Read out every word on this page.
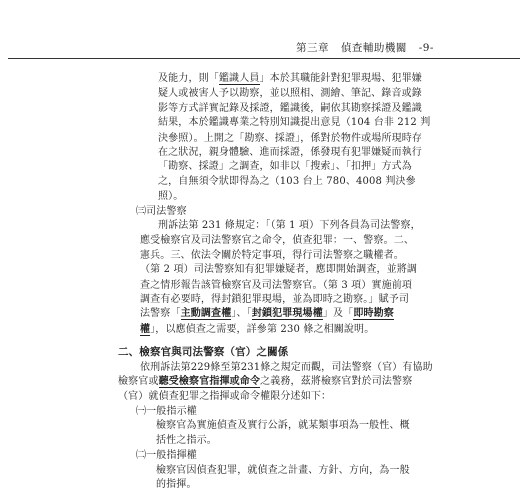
第三章 偵查輔助機關 -9-
及能力，則「鑑識人員」本於其職能針對犯罪現場、犯罪嫌
疑人或被害人予以勘察，並以照相、測繪、筆記、錄音或錄
影等方式詳實記錄及採證，鑑識後，嗣依其勘察採證及鑑識
結果，本於鑑識專業之特別知識提出意見（104 台非 212 判
決參照）。上開之「勘察、採證」，係對於物件或場所現時存
在之狀況，親身體驗、進而採證，係發現有犯罪嫌疑而執行
「勘察、採證」之調查，如非以「搜索」、「扣押」方式為
之，自無須令狀即得為之（103 台上 780、4008 判決參
照）。
㈢司法警察
刑訴法第 231 條規定：「（第 1 項）下列各員為司法警察，
應受檢察官及司法警察官之命令，偵查犯罪：一、警察。二、
憲兵。三、依法令關於特定事項，得行司法警察之職權者。
（第 2 項）司法警察知有犯罪嫌疑者，應即開始調查，並將調
查之情形報告該管檢察官及司法警察官。（第 3 項）實施前項
調查有必要時，得封鎖犯罪現場，並為即時之勘察。」賦予司
法警察「主動調查權」、「封鎖犯罪現場權」及「即時勘察
權」，以應偵查之需要，詳參第 230 條之相關說明。
二、檢察官與司法警察（官）之關係
依刑訴法第229條至第231條之規定而觀，司法警察（官）有協助
檢察官或聽受檢察官指揮或命令之義務，茲將檢察官對於司法警察
（官）就偵查犯罪之指揮或命令權限分述如下：
㈠一般指示權
檢察官為實施偵查及實行公訴，就某類事項為一般性、概
括性之指示。
㈡一般指揮權
檢察官因偵查犯罪，就偵查之計畫、方針、方向，為一般
的指揮。
